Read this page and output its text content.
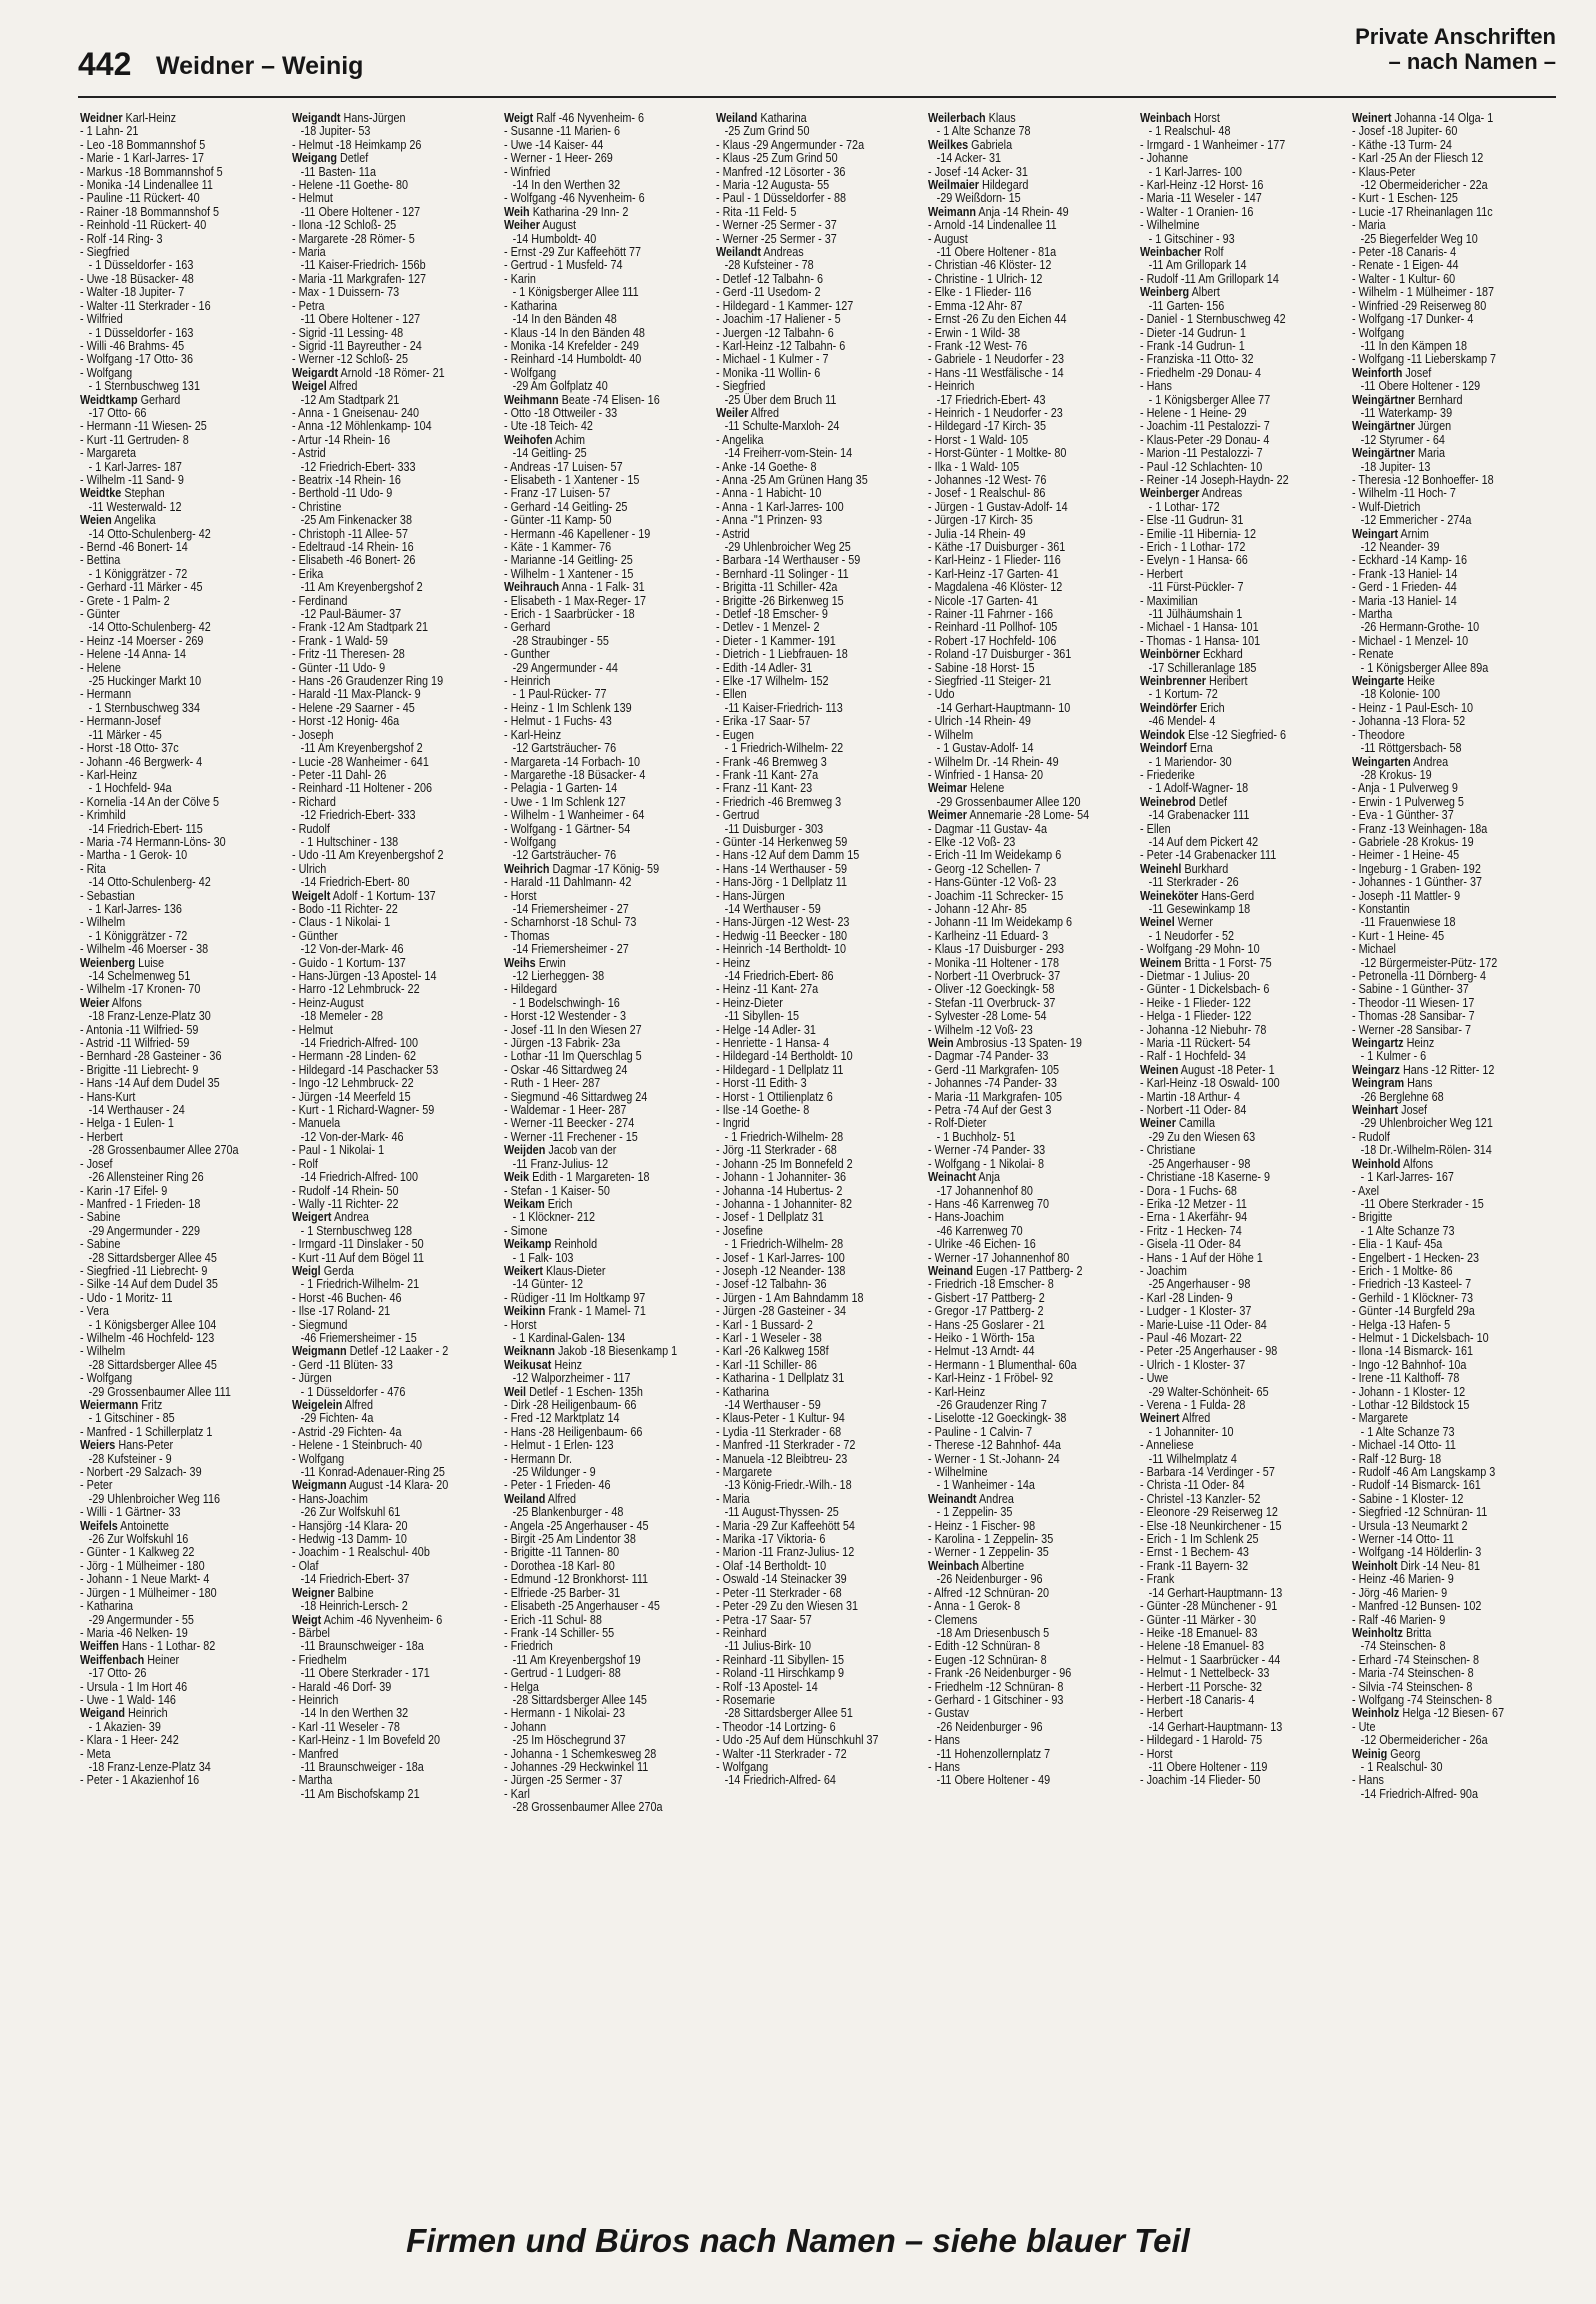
442 Weidner – Weinig
Private Anschriften
– nach Namen –
Weidner Karl-Heinz
- 1 Lahn- 21
- Leo -18 Bommannshof 5
- Marie - 1 Karl-Jarres- 17
- Markus -18 Bommannshof 5
- Monika -14 Lindenallee 11
- Pauline -11 Rückert- 40
- Rainer -18 Bommannshof 5
- Reinhold -11 Rückert- 40
- Rolf -14 Ring- 3
- Siegfried
- 1 Düsseldorfer - 163
- Uwe -18 Büsacker- 48
- Walter -18 Jupiter- 7
- Walter -11 Sterkrader - 16
- Wilfried
- 1 Düsseldorfer - 163
- Willi -46 Brahms- 45
- Wolfgang -17 Otto- 36
- Wolfgang
- 1 Sternbuschweg 131
Weidtkamp Gerhard
-17 Otto- 66
- Hermann -11 Wiesen- 25
- Kurt -11 Gertruden- 8
- Margareta
- 1 Karl-Jarres- 187
- Wilhelm -11 Sand- 9
Weidtke Stephan
-11 Westerwald- 12
Weien Angelika
-14 Otto-Schulenberg- 42
- Bernd -46 Bonert- 14
- Bettina
- 1 Königgrätzer - 72
- Gerhard -11 Märker - 45
- Grete - 1 Palm- 2
- Günter
-14 Otto-Schulenberg- 42
- Heinz -14 Moerser - 269
- Helene -14 Anna- 14
- Helene
-25 Huckinger Markt 10
- Hermann
- 1 Sternbuschweg 334
- Hermann-Josef
-11 Märker - 45
- Horst -18 Otto- 37c
- Johann -46 Bergwerk- 4
- Karl-Heinz
- 1 Hochfeld- 94a
- Kornelia -14 An der Cölve 5
- Krimhild
-14 Friedrich-Ebert- 115
- Maria -74 Hermann-Löns- 30
- Martha - 1 Gerok- 10
- Rita
-14 Otto-Schulenberg- 42
- Sebastian
- 1 Karl-Jarres- 136
- Wilhelm
- 1 Königgrätzer - 72
- Wilhelm -46 Moerser - 38
Weienberg Luise
-14 Schelmenweg 51
- Wilhelm -17 Kronen- 70
Weier Alfons
-18 Franz-Lenze-Platz 30
- Antonia -11 Wilfried- 59
- Astrid -11 Wilfried- 59
- Bernhard -28 Gasteiner - 36
- Brigitte -11 Liebrecht- 9
- Hans -14 Auf dem Dudel 35
- Hans-Kurt
-14 Werthauser - 24
- Helga - 1 Eulen- 1
- Herbert
-28 Grossenbaumer Allee 270a
- Josef
-26 Allensteiner Ring 26
- Karin -17 Eifel- 9
- Manfred - 1 Frieden- 18
- Sabine
-29 Angermunder - 229
- Sabine
-28 Sittardsberger Allee 45
- Siegfried -11 Liebrecht- 9
- Silke -14 Auf dem Dudel 35
- Udo - 1 Moritz- 11
- Vera
- 1 Königsberger Allee 104
- Wilhelm -46 Hochfeld- 123
- Wilhelm
-28 Sittardsberger Allee 45
- Wolfgang
-29 Grossenbaumer Allee 111
Weiermann Fritz
- 1 Gitschiner - 85
- Manfred - 1 Schillerplatz 1
Weiers Hans-Peter
-28 Kufsteiner - 9
- Norbert -29 Salzach- 39
- Peter
-29 Uhlenbroicher Weg 116
- Willi - 1 Gärtner- 33
Weifels Antoinette
-26 Zur Wolfskuhl 16
- Günter - 1 Kalkweg 22
- Jörg - 1 Mülheimer - 180
- Johann - 1 Neue Markt- 4
- Jürgen - 1 Mülheimer - 180
- Katharina
-29 Angermunder - 55
- Maria -46 Nelken- 19
Weiffen Hans - 1 Lothar- 82
Weiffenbach Heiner
-17 Otto- 26
- Ursula - 1 Im Hort 46
- Uwe - 1 Wald- 146
Weigand Heinrich
- 1 Akazien- 39
- Klara - 1 Heer- 242
- Meta
-18 Franz-Lenze-Platz 34
- Peter - 1 Akazienhof 16
Weigandt Hans-Jürgen
-18 Jupiter- 53
- Helmut -18 Heimkamp 26
Weigang Detlef
-11 Basten- 11a
- Helene -11 Goethe- 80
- Helmut
-11 Obere Holtener - 127
- Ilona -12 Schloß- 25
- Margarete -28 Römer- 5
- Maria
-11 Kaiser-Friedrich- 156b
- Maria -11 Markgrafen- 127
- Max - 1 Duissern- 73
- Petra
-11 Obere Holtener - 127
- Sigrid -11 Lessing- 48
- Sigrid -11 Bayreuther - 24
- Werner -12 Schloß- 25
Weigardt Arnold -18 Römer- 21
Weigel Alfred
-12 Am Stadtpark 21
- Anna - 1 Gneisenau- 240
- Anna -12 Möhlenkamp- 104
- Artur -14 Rhein- 16
- Astrid
-12 Friedrich-Ebert- 333
- Beatrix -14 Rhein- 16
- Berthold -11 Udo- 9
- Christine
-25 Am Finkenacker 38
- Christoph -11 Allee- 57
- Edeltraud -14 Rhein- 16
- Elisabeth -46 Bonert- 26
- Erika
-11 Am Kreyenbergshof 2
- Ferdinand
-12 Paul-Bäumer- 37
- Frank -12 Am Stadtpark 21
- Frank - 1 Wald- 59
- Fritz -11 Theresen- 28
- Günter -11 Udo- 9
- Hans -26 Graudenzer Ring 19
- Harald -11 Max-Planck- 9
- Helene -29 Saarner - 45
- Horst -12 Honig- 46a
- Joseph
-11 Am Kreyenbergshof 2
- Lucie -28 Wanheimer - 641
- Peter -11 Dahl- 26
- Reinhard -11 Holtener - 206
- Richard
-12 Friedrich-Ebert- 333
- Rudolf
- 1 Hultschiner - 138
- Udo -11 Am Kreyenbergshof 2
- Ulrich
-14 Friedrich-Ebert- 80
Weigelt Adolf - 1 Kortum- 137
- Bodo -11 Richter- 22
- Claus - 1 Nikolai- 1
- Günther
-12 Von-der-Mark- 46
- Guido - 1 Kortum- 137
- Hans-Jürgen -13 Apostel- 14
- Harro -12 Lehmbruck- 22
- Heinz-August
-18 Memeler - 28
- Helmut
-14 Friedrich-Alfred- 100
- Hermann -28 Linden- 62
- Hildegard -14 Paschacker 53
- Ingo -12 Lehmbruck- 22
- Jürgen -14 Meerfeld 15
- Kurt - 1 Richard-Wagner- 59
- Manuela
-12 Von-der-Mark- 46
- Paul - 1 Nikolai- 1
- Rolf
-14 Friedrich-Alfred- 100
- Rudolf -14 Rhein- 50
- Wally -11 Richter- 22
Weigert Andrea
- 1 Sternbuschweg 128
- Irmgard -11 Dinslaker - 50
- Kurt -11 Auf dem Bögel 11
Weigl Gerda
- 1 Friedrich-Wilhelm- 21
- Horst -46 Buchen- 46
- Ilse -17 Roland- 21
- Siegmund
-46 Friemersheimer - 15
Weigmann Detlef -12 Laaker - 2
- Gerd -11 Blüten- 33
- Jürgen
- 1 Düsseldorfer - 476
Weigelein Alfred
-29 Fichten- 4a
- Astrid -29 Fichten- 4a
- Helene - 1 Steinbruch- 40
- Wolfgang
-11 Konrad-Adenauer-Ring 25
Weigmann August -14 Klara- 20
- Hans-Joachim
-26 Zur Wolfskuhl 61
- Hansjörg -14 Klara- 20
- Hedwig -13 Damm- 10
- Joachim - 1 Realschul- 40b
- Olaf
-14 Friedrich-Ebert- 37
Weigner Balbine
-18 Heinrich-Lersch- 2
Weigt Achim -46 Nyvenheim- 6
- Bärbel
-11 Braunschweiger - 18a
- Friedhelm
-11 Obere Sterkrader - 171
- Harald -46 Dorf- 39
- Heinrich
-14 In den Werthen 32
- Karl -11 Weseler - 78
- Karl-Heinz - 1 Im Bovefeld 20
- Manfred
-11 Braunschweiger - 18a
- Martha
-11 Am Bischofskamp 21
Weigt Ralf -46 Nyvenheim- 6
- Susanne -11 Marien- 6
- Uwe -14 Kaiser- 44
- Werner - 1 Heer- 269
- Winfried
-14 In den Werthen 32
- Wolfgang -46 Nyvenheim- 6
Weih Katharina -29 Inn- 2
Weiher August
-14 Humboldt- 40
- Ernst -29 Zur Kaffeehött 77
- Gertrud - 1 Musfeld- 74
- Karin
- 1 Königsberger Allee 111
- Katharina
-14 In den Bänden 48
- Klaus -14 In den Bänden 48
- Monika -14 Krefelder - 249
- Reinhard -14 Humboldt- 40
- Wolfgang
-29 Am Golfplatz 40
Weihmann Beate -74 Elisen- 16
- Otto -18 Ottweiler - 33
- Ute -18 Teich- 42
Weihofen Achim
-14 Geitling- 25
- Andreas -17 Luisen- 57
- Elisabeth - 1 Xantener - 15
- Franz -17 Luisen- 57
- Gerhard -14 Geitling- 25
- Günter -11 Kamp- 50
- Hermann -46 Kapellener - 19
- Käte - 1 Kammer- 76
- Marianne -14 Geitling- 25
- Wilhelm - 1 Xantener - 15
Weihrauch Anna - 1 Falk- 31
- Elisabeth - 1 Max-Reger- 17
- Erich - 1 Saarbrücker - 18
- Gerhard
-28 Straubinger - 55
- Gunther
-29 Angermunder - 44
- Heinrich
- 1 Paul-Rücker- 77
- Heinz - 1 Im Schlenk 139
- Helmut - 1 Fuchs- 43
- Karl-Heinz
-12 Gartsträucher- 76
- Margareta -14 Forbach- 10
- Margarethe -18 Büsacker- 4
- Pelagia - 1 Garten- 14
- Uwe - 1 Im Schlenk 127
- Wilhelm - 1 Wanheimer - 64
- Wolfgang - 1 Gärtner- 54
- Wolfgang
-12 Gartsträucher- 76
Weihrich Dagmar -17 König- 59
- Harald -11 Dahlmann- 42
- Horst
-14 Friemersheimer - 27
- Scharnhorst -18 Schul- 73
- Thomas
-14 Friemersheimer - 27
Weihs Erwin
-12 Lierheggen- 38
- Hildegard
- 1 Bodelschwingh- 16
- Horst -12 Westender - 3
- Josef -11 In den Wiesen 27
- Jürgen -13 Fabrik- 23a
- Lothar -11 Im Querschlag 5
- Oskar -46 Sittardweg 24
- Ruth - 1 Heer- 287
- Siegmund -46 Sittardweg 24
- Waldemar - 1 Heer- 287
- Werner -11 Beecker - 274
- Werner -11 Frechener - 15
Weijden Jacob van der
-11 Franz-Julius- 12
Weik Edith - 1 Margareten- 18
- Stefan - 1 Kaiser- 50
Weikam Erich
- 1 Klöckner- 212
- Simone
Weikamp Reinhold
- 1 Falk- 103
Weikert Klaus-Dieter
-14 Günter- 12
- Rüdiger -11 Im Holtkamp 97
Weikinn Frank - 1 Mamel- 71
- Horst
- 1 Kardinal-Galen- 134
Weiknann Jakob -18 Biesenkamp 1
Weikusat Heinz
-12 Walporzheimer - 117
Weil Detlef - 1 Eschen- 135h
- Dirk -28 Heiligenbaum- 66
- Fred -12 Marktplatz 14
- Hans -28 Heiligenbaum- 66
- Helmut - 1 Erlen- 123
- Hermann Dr.
-25 Wildunger - 9
- Peter - 1 Frieden- 46
Weiland Alfred
-25 Blankenburger - 48
- Angela -25 Angerhauser - 45
- Birgit -25 Am Lindentor 38
- Brigitte -11 Tannen- 80
- Dorothea -18 Karl- 80
- Edmund -12 Bronkhorst- 111
- Elfriede -25 Barber- 31
- Elisabeth -25 Angerhauser - 45
- Erich -11 Schul- 88
- Frank -14 Schiller- 55
- Friedrich
-11 Am Kreyenbergshof 19
- Gertrud - 1 Ludgeri- 88
- Helga
-28 Sittardsberger Allee 145
- Hermann - 1 Nikolai- 23
- Johann
-25 Im Höschegrund 37
- Johanna - 1 Schemkesweg 28
- Johannes -29 Heckwinkel 11
- Jürgen -25 Sermer - 37
- Karl
-28 Grossenbaumer Allee 270a
Weiland Katharina
-25 Zum Grind 50
- Klaus -29 Angermunder - 72a
- Klaus -25 Zum Grind 50
- Manfred -12 Lösorter - 36
- Maria -12 Augusta- 55
- Paul - 1 Düsseldorfer - 88
- Rita -11 Feld- 5
- Werner -25 Sermer - 37
- Werner -25 Sermer - 37
Weilandt Andreas
-28 Kufsteiner - 78
- Detlef -12 Talbahn- 6
- Gerd -11 Usedom- 2
- Hildegard - 1 Kammer- 127
- Joachim -17 Haliener - 5
- Juergen -12 Talbahn- 6
- Karl-Heinz -12 Talbahn- 6
- Michael - 1 Kulmer - 7
- Monika -11 Wollin- 6
- Siegfried
-25 Über dem Bruch 11
Weiler Alfred
-11 Schulte-Marxloh- 24
- Angelika
-14 Freiherr-vom-Stein- 14
- Anke -14 Goethe- 8
- Anna -25 Am Grünen Hang 35
- Anna - 1 Habicht- 10
- Anna - 1 Karl-Jarres- 100
- Anna -"1 Prinzen- 93
- Astrid
-29 Uhlenbroicher Weg 25
- Barbara -14 Werthauser - 59
- Bernhard -11 Solinger - 11
- Brigitta -11 Schiller- 42a
- Brigitte -26 Birkenweg 15
- Detlef -18 Emscher- 9
- Detlev - 1 Menzel- 2
- Dieter - 1 Kammer- 191
- Dietrich - 1 Liebfrauen- 18
- Edith -14 Adler- 31
- Elke -17 Wilhelm- 152
- Ellen
-11 Kaiser-Friedrich- 113
- Erika -17 Saar- 57
- Eugen
- 1 Friedrich-Wilhelm- 22
- Frank -46 Bremweg 3
- Frank -11 Kant- 27a
- Franz -11 Kant- 23
- Friedrich -46 Bremweg 3
- Gertrud
-11 Duisburger - 303
- Günter -14 Herkenweg 59
- Hans -12 Auf dem Damm 15
- Hans -14 Werthauser - 59
- Hans-Jörg - 1 Dellplatz 11
- Hans-Jürgen
-14 Werthauser - 59
- Hans-Jürgen -12 West- 23
- Hedwig -11 Beecker - 180
- Heinrich -14 Bertholdt- 10
- Heinz
-14 Friedrich-Ebert- 86
- Heinz -11 Kant- 27a
- Heinz-Dieter
-11 Sibyllen- 15
- Helge -14 Adler- 31
- Henriette - 1 Hansa- 4
- Hildegard -14 Bertholdt- 10
- Hildegard - 1 Dellplatz 11
- Horst -11 Edith- 3
- Horst - 1 Ottilienplatz 6
- Ilse -14 Goethe- 8
- Ingrid
- 1 Friedrich-Wilhelm- 28
- Jörg -11 Sterkrader - 68
- Johann -25 Im Bonnefeld 2
- Johann - 1 Johanniter- 36
- Johanna -14 Hubertus- 2
- Johanna - 1 Johanniter- 82
- Josef - 1 Dellplatz 31
- Josefine
- 1 Friedrich-Wilhelm- 28
- Josef - 1 Karl-Jarres- 100
- Joseph -12 Neander- 138
- Josef -12 Talbahn- 36
- Jürgen - 1 Am Bahndamm 18
- Jürgen -28 Gasteiner - 34
- Karl - 1 Bussard- 2
- Karl - 1 Weseler - 38
- Karl -26 Kalkweg 158f
- Karl -11 Schiller- 86
- Katharina - 1 Dellplatz 31
- Katharina
-14 Werthauser - 59
- Klaus-Peter - 1 Kultur- 94
- Lydia -11 Sterkrader - 68
- Manfred -11 Sterkrader - 72
- Manuela -12 Bleibtreu- 23
- Margarete
-13 König-Friedr.-Wilh.- 18
- Maria
-11 August-Thyssen- 25
- Maria -29 Zur Kaffeehött 54
- Marika -17 Viktoria- 6
- Marion -11 Franz-Julius- 12
- Olaf -14 Bertholdt- 10
- Oswald -14 Steinacker 39
- Peter -11 Sterkrader - 68
- Peter -29 Zu den Wiesen 31
- Petra -17 Saar- 57
- Reinhard
-11 Julius-Birk- 10
- Reinhard -11 Sibyllen- 15
- Roland -11 Hirschkamp 9
- Rolf -13 Apostel- 14
- Rosemarie
-28 Sittardsberger Allee 51
- Theodor -14 Lortzing- 6
- Udo -25 Auf dem Hünschkuhl 37
- Walter -11 Sterkrader - 72
- Wolfgang
-14 Friedrich-Alfred- 64
Weilerbach Klaus
- 1 Alte Schanze 78
Weilkes Gabriela
-14 Acker- 31
- Josef -14 Acker- 31
Weilmaier Hildegard
-29 Weißdorn- 15
Weimann Anja -14 Rhein- 49
- Arnold -14 Lindenallee 11
- August
-11 Obere Holtener - 81a
- Christian -46 Klöster- 12
- Christine - 1 Ulrich- 12
- Elke - 1 Flieder- 116
- Emma -12 Ahr- 87
- Ernst -26 Zu den Eichen 44
- Erwin - 1 Wild- 38
- Frank -12 West- 76
- Gabriele - 1 Neudorfer - 23
- Hans -11 Westfälische - 14
- Heinrich
-17 Friedrich-Ebert- 43
- Heinrich - 1 Neudorfer - 23
- Hildegard -17 Kirch- 35
- Horst - 1 Wald- 105
- Horst-Günter - 1 Moltke- 80
- Ilka - 1 Wald- 105
- Johannes -12 West- 76
- Josef - 1 Realschul- 86
- Jürgen - 1 Gustav-Adolf- 14
- Jürgen -17 Kirch- 35
- Julia -14 Rhein- 49
- Käthe -17 Duisburger - 361
- Karl-Heinz - 1 Flieder- 116
- Karl-Heinz -17 Garten- 41
- Magdalena -46 Klöster- 12
- Nicole -17 Garten- 41
- Rainer -11 Fahrner - 166
- Reinhard -11 Pollhof- 105
- Robert -17 Hochfeld- 106
- Roland -17 Duisburger - 361
- Sabine -18 Horst- 15
- Siegfried -11 Steiger- 21
- Udo
-14 Gerhart-Hauptmann- 10
- Ulrich -14 Rhein- 49
- Wilhelm
- 1 Gustav-Adolf- 14
- Wilhelm Dr. -14 Rhein- 49
- Winfried - 1 Hansa- 20
Weimar Helene
-29 Grossenbaumer Allee 120
Weimer Annemarie -28 Lome- 54
- Dagmar -11 Gustav- 4a
- Elke -12 Voß- 23
- Erich -11 Im Weidekamp 6
- Georg -12 Schellen- 7
- Hans-Günter -12 Voß- 23
- Joachim -11 Schrecker- 15
- Johann -12 Ahr- 85
- Johann -11 Im Weidekamp 6
- Karlheinz -11 Eduard- 3
- Klaus -17 Duisburger - 293
- Monika -11 Holtener - 178
- Norbert -11 Overbruck- 37
- Oliver -12 Goeckingk- 58
- Stefan -11 Overbruck- 37
- Sylvester -28 Lome- 54
- Wilhelm -12 Voß- 23
Wein Ambrosius -13 Spaten- 19
- Dagmar -74 Pander- 33
- Gerd -11 Markgrafen- 105
- Johannes -74 Pander- 33
- Maria -11 Markgrafen- 105
- Petra -74 Auf der Gest 3
- Rolf-Dieter
- 1 Buchholz- 51
- Werner -74 Pander- 33
- Wolfgang - 1 Nikolai- 8
Weinacht Anja
-17 Johannenhof 80
- Hans -46 Karrenweg 70
- Hans-Joachim
-46 Karrenweg 70
- Ulrike -46 Eichen- 16
- Werner -17 Johannenhof 80
Weinand Eugen -17 Pattberg- 2
- Friedrich -18 Emscher- 8
- Gisbert -17 Pattberg- 2
- Gregor -17 Pattberg- 2
- Hans -25 Goslarer - 21
- Heiko - 1 Wörth- 15a
- Helmut -13 Arndt- 44
- Hermann - 1 Blumenthal- 60a
- Karl-Heinz - 1 Fröbel- 92
- Karl-Heinz
-26 Graudenzer Ring 7
- Liselotte -12 Goeckingk- 38
- Pauline - 1 Calvin- 7
- Therese -12 Bahnhof- 44a
- Werner - 1 St.-Johann- 24
- Wilhelmine
- 1 Wanheimer - 14a
Weinandt Andrea
- 1 Zeppelin- 35
- Heinz - 1 Fischer- 98
- Karolina - 1 Zeppelin- 35
- Werner - 1 Zeppelin- 35
Weinbach Albertine
-26 Neidenburger - 96
- Alfred -12 Schnüran- 20
- Anna - 1 Gerok- 8
- Clemens
-18 Am Driesenbusch 5
- Edith -12 Schnüran- 8
- Eugen -12 Schnüran- 8
- Frank -26 Neidenburger - 96
- Friedhelm -12 Schnüran- 8
- Gerhard - 1 Gitschiner - 93
- Gustav
-26 Neidenburger - 96
- Hans
-11 Hohenzollernplatz 7
- Hans
-11 Obere Holtener - 49
Weinbach Horst
- 1 Realschul- 48
- Irmgard - 1 Wanheimer - 177
- Johanne
- 1 Karl-Jarres- 100
- Karl-Heinz -12 Horst- 16
- Maria -11 Weseler - 147
- Walter - 1 Oranien- 16
- Wilhelmine
- 1 Gitschiner - 93
Weinbacher Rolf
-11 Am Grillopark 14
- Rudolf -11 Am Grillopark 14
Weinberg Albert
-11 Garten- 156
- Daniel - 1 Sternbuschweg 42
- Dieter -14 Gudrun- 1
- Frank -14 Gudrun- 1
- Franziska -11 Otto- 32
- Friedhelm -29 Donau- 4
- Hans
- 1 Königsberger Allee 77
- Helene - 1 Heine- 29
- Joachim -11 Pestalozzi- 7
- Klaus-Peter -29 Donau- 4
- Marion -11 Pestalozzi- 7
- Paul -12 Schlachten- 10
- Reiner -14 Joseph-Haydn- 22
Weinberger Andreas
- 1 Lothar- 172
- Else -11 Gudrun- 31
- Emilie -11 Hibernia- 12
- Erich - 1 Lothar- 172
- Evelyn - 1 Hansa- 66
- Herbert
-11 Fürst-Pückler- 7
- Maximilian
-11 Jülhäumshain 1
- Michael - 1 Hansa- 101
- Thomas - 1 Hansa- 101
Weinbörner Eckhard
-17 Schilleranlage 185
Weinbrenner Heribert
- 1 Kortum- 72
Weindörfer Erich
-46 Mendel- 4
Weindok Else -12 Siegfried- 6
Weindorf Erna
- 1 Mariendor- 30
- Friederike
- 1 Adolf-Wagner- 18
Weinebrod Detlef
-14 Grabenacker 111
- Ellen
-14 Auf dem Pickert 42
- Peter -14 Grabenacker 111
Weinehl Burkhard
-11 Sterkrader - 26
Weineköter Hans-Gerd
-11 Gesewinkamp 18
Weinel Werner
- 1 Neudorfer - 52
- Wolfgang -29 Mohn- 10
Weinem Britta - 1 Forst- 75
- Dietmar - 1 Julius- 20
- Günter - 1 Dickelsbach- 6
- Heike - 1 Flieder- 122
- Helga - 1 Flieder- 122
- Johanna -12 Niebuhr- 78
- Maria -11 Rückert- 54
- Ralf - 1 Hochfeld- 34
Weinen August -18 Peter- 1
- Karl-Heinz -18 Oswald- 100
- Martin -18 Arthur- 4
- Norbert -11 Oder- 84
Weiner Camilla
-29 Zu den Wiesen 63
- Christiane
-25 Angerhauser - 98
- Christiane -18 Kaserne- 9
- Dora - 1 Fuchs- 68
- Erika -12 Metzer - 11
- Erna - 1 Akerfähr- 94
- Fritz - 1 Hecken- 74
- Gisela -11 Oder- 84
- Hans - 1 Auf der Höhe 1
- Joachim
-25 Angerhauser - 98
- Karl -28 Linden- 9
- Ludger - 1 Kloster- 37
- Marie-Luise -11 Oder- 84
- Paul -46 Mozart- 22
- Peter -25 Angerhauser - 98
- Ulrich - 1 Kloster- 37
- Uwe
-29 Walter-Schönheit- 65
- Verena - 1 Fulda- 28
Weinert Alfred
- 1 Johanniter- 10
- Anneliese
-11 Wilhelmplatz 4
- Barbara -14 Verdinger - 57
- Christa -11 Oder- 84
- Christel -13 Kanzler- 52
- Eleonore -29 Reiserweg 12
- Else -18 Neunkirchener - 15
- Erich - 1 Im Schlenk 25
- Ernst - 1 Bechem- 43
- Frank -11 Bayern- 32
- Frank
-14 Gerhart-Hauptmann- 13
- Günter -28 Münchener - 91
- Günter -11 Märker - 30
- Heike -18 Emanuel- 83
- Helene -18 Emanuel- 83
- Helmut - 1 Saarbrücker - 44
- Helmut - 1 Nettelbeck- 33
- Herbert -11 Porsche- 32
- Herbert -18 Canaris- 4
- Herbert
-14 Gerhart-Hauptmann- 13
- Hildegard - 1 Harold- 75
- Horst
-11 Obere Holtener - 119
- Joachim -14 Flieder- 50
Weinert Johanna -14 Olga- 1
- Josef -18 Jupiter- 60
- Käthe -13 Turm- 24
- Karl -25 An der Fliesch 12
- Klaus-Peter
-12 Obermeidericher - 22a
- Kurt - 1 Eschen- 125
- Lucie -17 Rheinanlagen 11c
- Maria
-25 Biegerfelder Weg 10
- Peter -18 Canaris- 4
- Renate - 1 Eigen- 44
- Walter - 1 Kultur- 60
- Wilhelm - 1 Mülheimer - 187
- Winfried -29 Reiserweg 80
- Wolfgang -17 Dunker- 4
- Wolfgang
-11 In den Kämpen 18
- Wolfgang -11 Lieberskamp 7
Weinforth Josef
-11 Obere Holtener - 129
Weingärtner Bernhard
-11 Waterkamp- 39
Weingärtner Jürgen
-12 Styrumer - 64
Weingärtner Maria
-18 Jupiter- 13
- Theresia -12 Bonhoeffer- 18
- Wilhelm -11 Hoch- 7
- Wulf-Dietrich
-12 Emmericher - 274a
Weingart Arnim
-12 Neander- 39
- Eckhard -14 Kamp- 16
- Frank -13 Haniel- 14
- Gerd - 1 Frieden- 44
- Maria -13 Haniel- 14
- Martha
-26 Hermann-Grothe- 10
- Michael - 1 Menzel- 10
- Renate
- 1 Königsberger Allee 89a
Weingarte Heike
-18 Kolonie- 100
- Heinz - 1 Paul-Esch- 10
- Johanna -13 Flora- 52
- Theodore
-11 Röttgersbach- 58
Weingarten Andrea
-28 Krokus- 19
- Anja - 1 Pulverweg 9
- Erwin - 1 Pulverweg 5
- Eva - 1 Günther- 37
- Franz -13 Weinhagen- 18a
- Gabriele -28 Krokus- 19
- Heimer - 1 Heine- 45
- Ingeburg - 1 Graben- 192
- Johannes - 1 Günther- 37
- Joseph -11 Mattler- 9
- Konstantin
-11 Frauenwiese 18
- Kurt - 1 Heine- 45
- Michael
-12 Bürgermeister-Pütz- 172
- Petronella -11 Dörnberg- 4
- Sabine - 1 Günther- 37
- Theodor -11 Wiesen- 17
- Thomas -28 Sansibar- 7
- Werner -28 Sansibar- 7
Weingartz Heinz
- 1 Kulmer - 6
Weingarz Hans -12 Ritter- 12
Weingram Hans
-26 Berglehne 68
Weinhart Josef
-29 Uhlenbroicher Weg 121
- Rudolf
-18 Dr.-Wilhelm-Rölen- 314
Weinhold Alfons
- 1 Karl-Jarres- 167
- Axel
-11 Obere Sterkrader - 15
- Brigitte
- 1 Alte Schanze 73
- Elia - 1 Kauf- 45a
- Engelbert - 1 Hecken- 23
- Erich - 1 Moltke- 86
- Friedrich -13 Kasteel- 7
- Gerhild - 1 Klöckner- 73
- Günter -14 Burgfeld 29a
- Helga -13 Hafen- 5
- Helmut - 1 Dickelsbach- 10
- Ilona -14 Bismarck- 161
- Ingo -12 Bahnhof- 10a
- Irene -11 Kalthoff- 78
- Johann - 1 Kloster- 12
- Lothar -12 Bildstock 15
- Margarete
- 1 Alte Schanze 73
- Michael -14 Otto- 11
- Ralf -12 Burg- 18
- Rudolf -46 Am Langskamp 3
- Rudolf -14 Bismarck- 161
- Sabine - 1 Kloster- 12
- Siegfried -12 Schnüran- 11
- Ursula -13 Neumarkt 2
- Werner -14 Otto- 11
- Wolfgang -14 Hölderlin- 3
Weinholt Dirk -14 Neu- 81
- Heinz -46 Marien- 9
- Jörg -46 Marien- 9
- Manfred -12 Bunsen- 102
- Ralf -46 Marien- 9
Weinholtz Britta
-74 Steinschen- 8
- Erhard -74 Steinschen- 8
- Maria -74 Steinschen- 8
- Silvia -74 Steinschen- 8
- Wolfgang -74 Steinschen- 8
Weinholz Helga -12 Biesen- 67
- Ute
-12 Obermeidericher - 26a
Weinig Georg
- 1 Realschul- 30
- Hans
-14 Friedrich-Alfred- 90a
Firmen und Büros nach Namen – siehe blauer Teil
